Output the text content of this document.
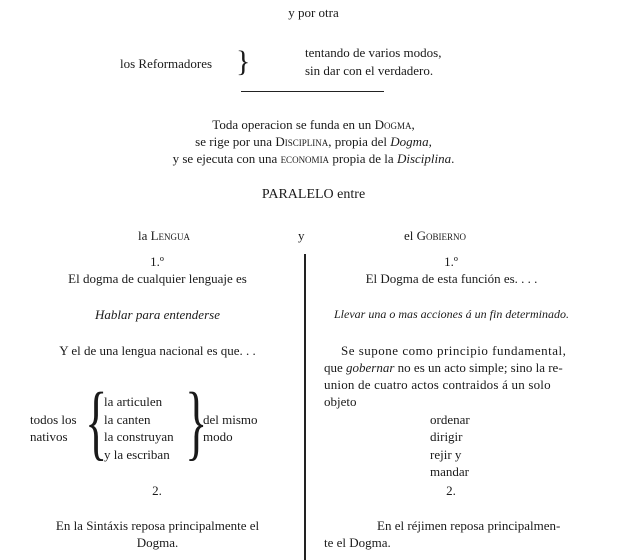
y por otra
los Reformadores }	tentando de varios modos,
sin dar con el verdadero.
Toda operacion se funda en un Dogma,
se rige por una Disciplina, propia del Dogma,
y se ejecuta con una economia propia de la Disciplina.
PARALELO entre
la Lengua	y	el Gobierno
1.º
El dogma de cualquier lenguaje es
Hablar para entenderse
Y el de una lengua nacional es que. . .
todos los
nativos {
la articulen
la canten
la construyan
y la escriban }
del mismo
modo
2.
En la Sintáxis reposa principalmente el
Dogma.
1.º
El Dogma de esta función es. . . .
Llevar una o mas acciones á un fin determinado.
Se supone como principio fundamental,
que gobernar no es un acto simple; sino la re-
union de cuatro actos contraidos á un solo
objeto
ordenar
dirigir
rejir y
mandar
2.
En el réjimen reposa principalmen-
te el Dogma.
